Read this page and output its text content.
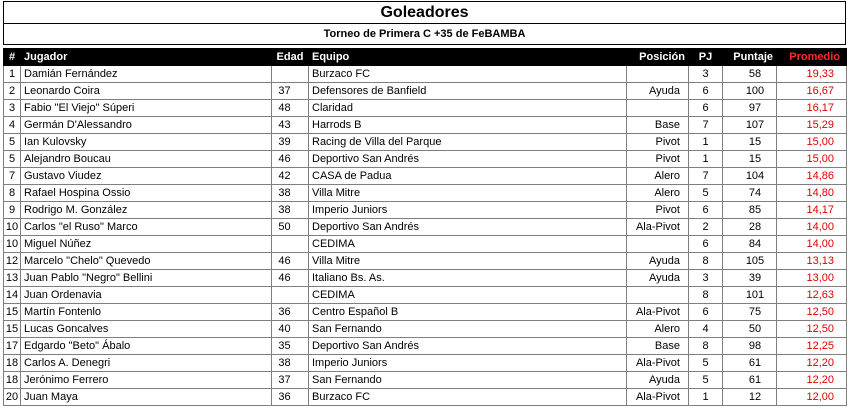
Goleadores
Torneo de Primera C +35 de FeBAMBA
#	Jugador	Edad	Equipo	Posición	PJ	Puntaje	Promedio
1	Damián Fernández		Burzaco FC		3	58	19,33
2	Leonardo Coira	37	Defensores de Banfield	Ayuda	6	100	16,67
3	Fabio "El Viejo" Súperi	48	Claridad		6	97	16,17
4	Germán D'Alessandro	43	Harrods B	Base	7	107	15,29
5	Ian Kulovsky	39	Racing de Villa del Parque	Pivot	1	15	15,00
5	Alejandro Boucau	46	Deportivo San Andrés	Pivot	1	15	15,00
7	Gustavo Viudez	42	CASA de Padua	Alero	7	104	14,86
8	Rafael Hospina Ossio	38	Villa Mitre	Alero	5	74	14,80
9	Rodrigo M. González	38	Imperio Juniors	Pivot	6	85	14,17
10	Carlos "el Ruso" Marco	50	Deportivo San Andrés	Ala-Pivot	2	28	14,00
10	Miguel Núñez		CEDIMA		6	84	14,00
12	Marcelo "Chelo" Quevedo	46	Villa Mitre	Ayuda	8	105	13,13
13	Juan Pablo "Negro" Bellini	46	Italiano Bs. As.	Ayuda	3	39	13,00
14	Juan Ordenavia		CEDIMA		8	101	12,63
15	Martín Fontenlo	36	Centro Español B	Ala-Pivot	6	75	12,50
15	Lucas Goncalves	40	San Fernando	Alero	4	50	12,50
17	Edgardo "Beto" Ábalo	35	Deportivo San Andrés	Base	8	98	12,25
18	Carlos A. Denegri	38	Imperio Juniors	Ala-Pivot	5	61	12,20
18	Jerónimo Ferrero	37	San Fernando	Ayuda	5	61	12,20
20	Juan Maya	36	Burzaco FC	Ala-Pivot	1	12	12,00
